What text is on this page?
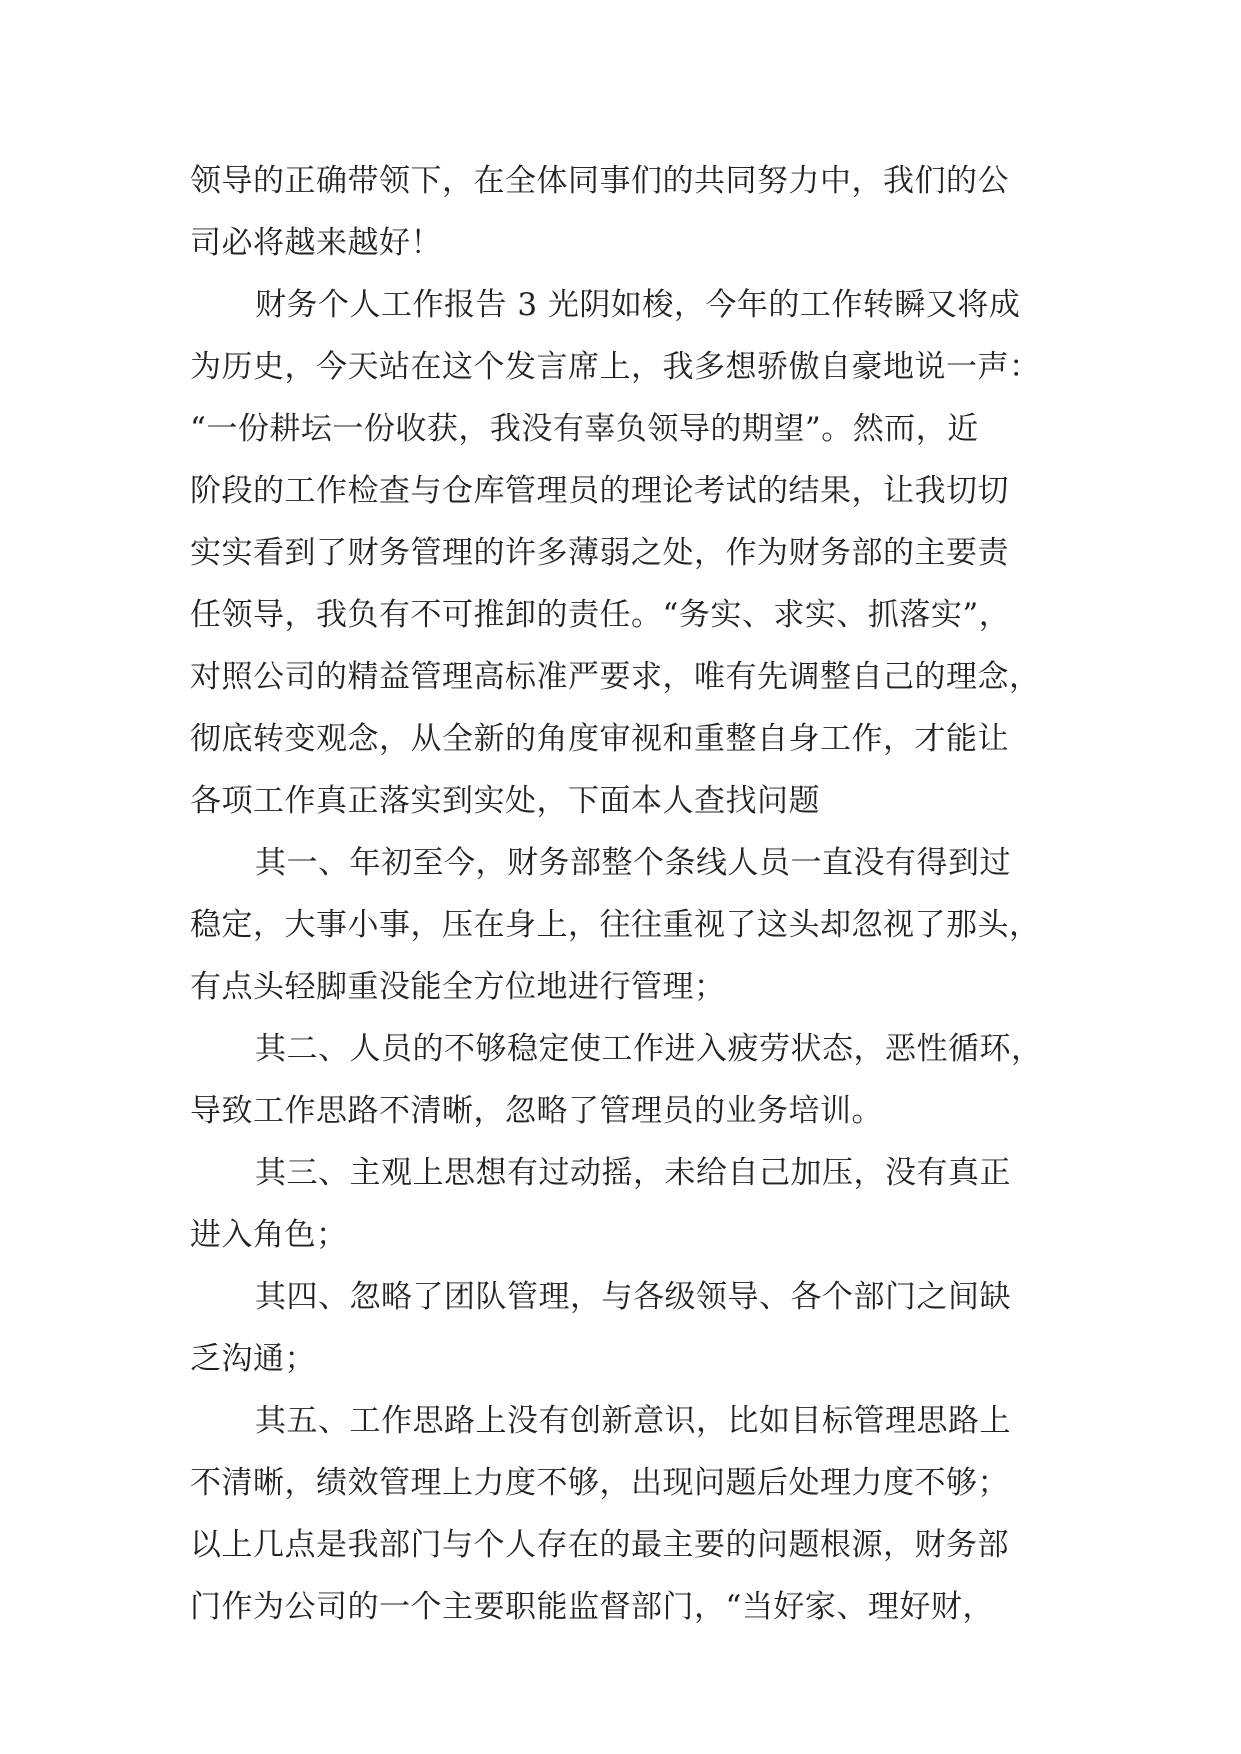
领导的正确带领下，在全体同事们的共同努力中，我们的公
司必将越来越好！
财务个人工作报告 3 光阴如梭，今年的工作转瞬又将成
为历史，今天站在这个发言席上，我多想骄傲自豪地说一声：
“一份耕坛一份收获，我没有辜负领导的期望”。然而，近
阶段的工作检查与仓库管理员的理论考试的结果，让我切切
实实看到了财务管理的许多薄弱之处，作为财务部的主要责
任领导，我负有不可推卸的责任。“务实、求实、抓落实”，
对照公司的精益管理高标准严要求，唯有先调整自己的理念，
彻底转变观念，从全新的角度审视和重整自身工作，才能让
各项工作真正落实到实处，下面本人查找问题
其一、年初至今，财务部整个条线人员一直没有得到过
稳定，大事小事，压在身上，往往重视了这头却忽视了那头，
有点头轻脚重没能全方位地进行管理；
其二、人员的不够稳定使工作进入疲劳状态，恶性循环，
导致工作思路不清晰，忽略了管理员的业务培训。
其三、主观上思想有过动摇，未给自己加压，没有真正
进入角色；
其四、忽略了团队管理，与各级领导、各个部门之间缺
乏沟通；
其五、工作思路上没有创新意识，比如目标管理思路上
不清晰，绩效管理上力度不够，出现问题后处理力度不够；
以上几点是我部门与个人存在的最主要的问题根源，财务部
门作为公司的一个主要职能监督部门，“当好家、理好财，
